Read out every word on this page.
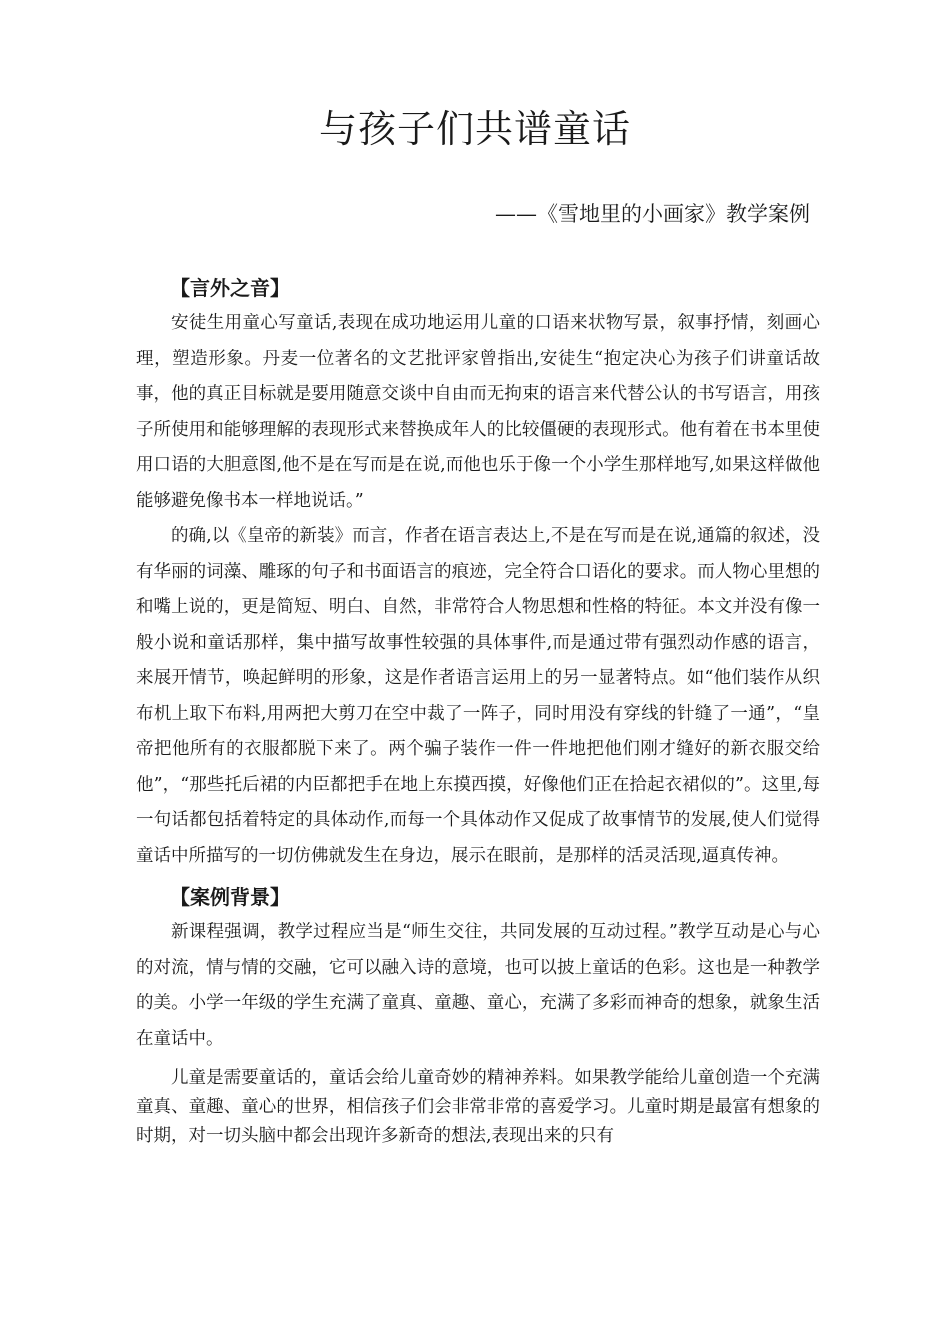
与孩子们共谱童话
——《雪地里的小画家》教学案例
【言外之音】

安徒生用童心写童话,表现在成功地运用儿童的口语来状物写景，叙事抒情，刻画心理，塑造形象。丹麦一位著名的文艺批评家曾指出,安徒生“抱定决心为孩子们讲童话故事，他的真正目标就是要用随意交谈中自由而无拘束的语言来代替公认的书写语言，用孩子所使用和能够理解的表现形式来替换成年人的比较僵硬的表现形式。他有着在书本里使用口语的大胆意图,他不是在写而是在说,而他也乐于像一个小学生那样地写,如果这样做他能够避免像书本一样地说话。”

的确,以《皇帝的新装》而言，作者在语言表达上,不是在写而是在说,通篇的叙述，没有华丽的词藻、雕琢的句子和书面语言的痕迹，完全符合口语化的要求。而人物心里想的和嘴上说的，更是简短、明白、自然，非常符合人物思想和性格的特征。本文并没有像一般小说和童话那样，集中描写故事性较强的具体事件,而是通过带有强烈动作感的语言，来展开情节，唤起鲜明的形象，这是作者语言运用上的另一显著特点。如“他们装作从织布机上取下布料,用两把大剪刀在空中裁了一阵子，同时用没有穿线的针缝了一通”，“皇帝把他所有的衣服都脱下来了。两个骗子装作一件一件地把他们刚才缝好的新衣服交给他”，“那些托后裙的内臣都把手在地上东摸西摸，好像他们正在拾起衣裙似的”。这里,每一句话都包括着特定的具体动作,而每一个具体动作又促成了故事情节的发展,使人们觉得童话中所描写的一切仿佛就发生在身边，展示在眼前，是那样的活灵活现,逼真传神。

【案例背景】

新课程强调，教学过程应当是“师生交往，共同发展的互动过程。”教学互动是心与心的对流，情与情的交融，它可以融入诗的意境，也可以披上童话的色彩。这也是一种教学的美。小学一年级的学生充满了童真、童趣、童心，充满了多彩而神奇的想象，就象生活在童话中。

儿童是需要童话的，童话会给儿童奇妙的精神养料。如果教学能给儿童创造一个充满童真、童趣、童心的世界，相信孩子们会非常非常的喜爱学习。儿童时期是最富有想象的时期，对一切头脑中都会出现许多新奇的想法,表现出来的只有
